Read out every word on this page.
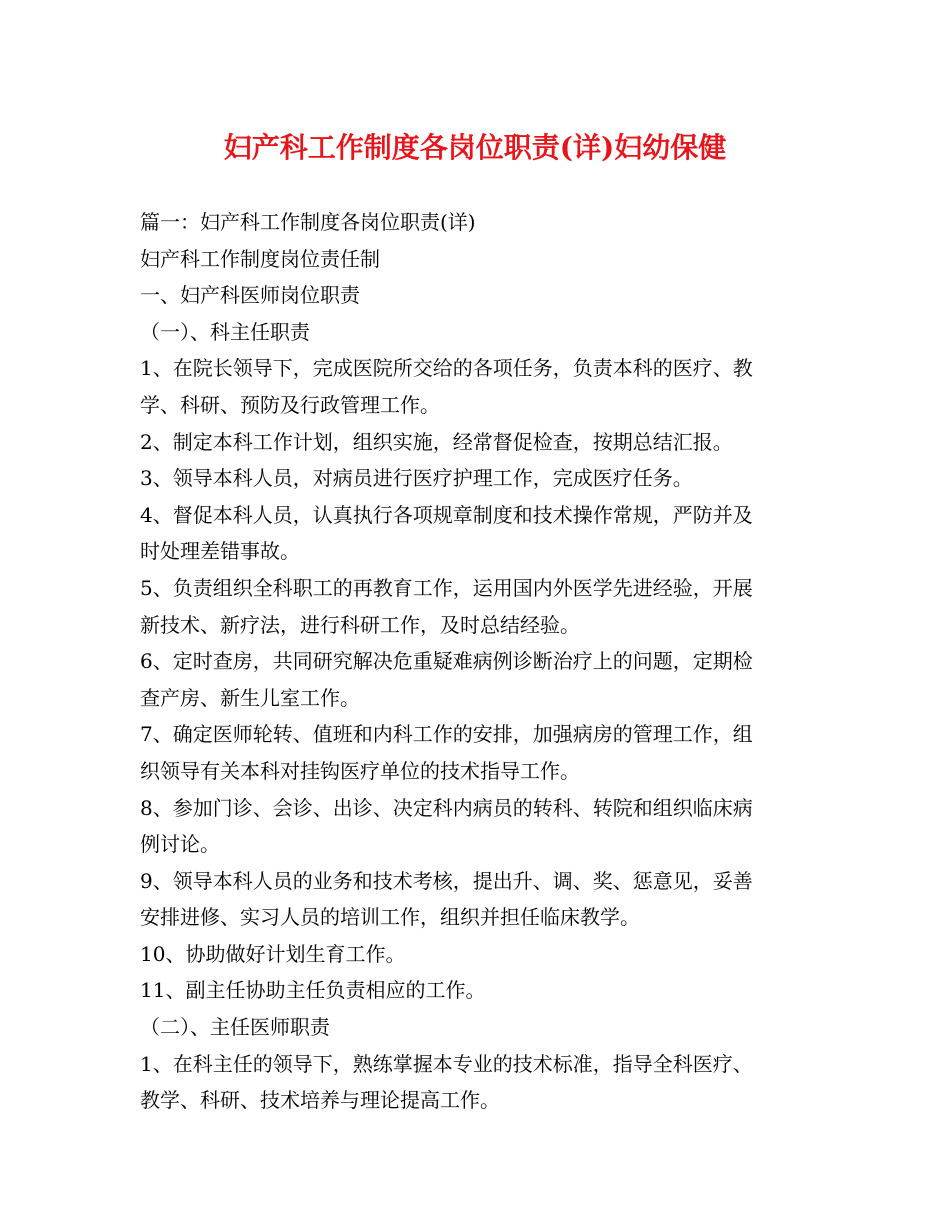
妇产科工作制度各岗位职责(详)妇幼保健
篇一：妇产科工作制度各岗位职责(详)
妇产科工作制度岗位责任制
一、妇产科医师岗位职责
（一）、科主任职责
1、在院长领导下，完成医院所交给的各项任务，负责本科的医疗、教
学、科研、预防及行政管理工作。
2、制定本科工作计划，组织实施，经常督促检查，按期总结汇报。
3、领导本科人员，对病员进行医疗护理工作，完成医疗任务。
4、督促本科人员，认真执行各项规章制度和技术操作常规，严防并及
时处理差错事故。
5、负责组织全科职工的再教育工作，运用国内外医学先进经验，开展
新技术、新疗法，进行科研工作，及时总结经验。
6、定时查房，共同研究解决危重疑难病例诊断治疗上的问题，定期检
查产房、新生儿室工作。
7、确定医师轮转、值班和内科工作的安排，加强病房的管理工作，组
织领导有关本科对挂钩医疗单位的技术指导工作。
8、参加门诊、会诊、出诊、决定科内病员的转科、转院和组织临床病
例讨论。
9、领导本科人员的业务和技术考核，提出升、调、奖、惩意见，妥善
安排进修、实习人员的培训工作，组织并担任临床教学。
10、协助做好计划生育工作。
11、副主任协助主任负责相应的工作。
（二）、主任医师职责
1、在科主任的领导下，熟练掌握本专业的技术标准，指导全科医疗、
教学、科研、技术培养与理论提高工作。
